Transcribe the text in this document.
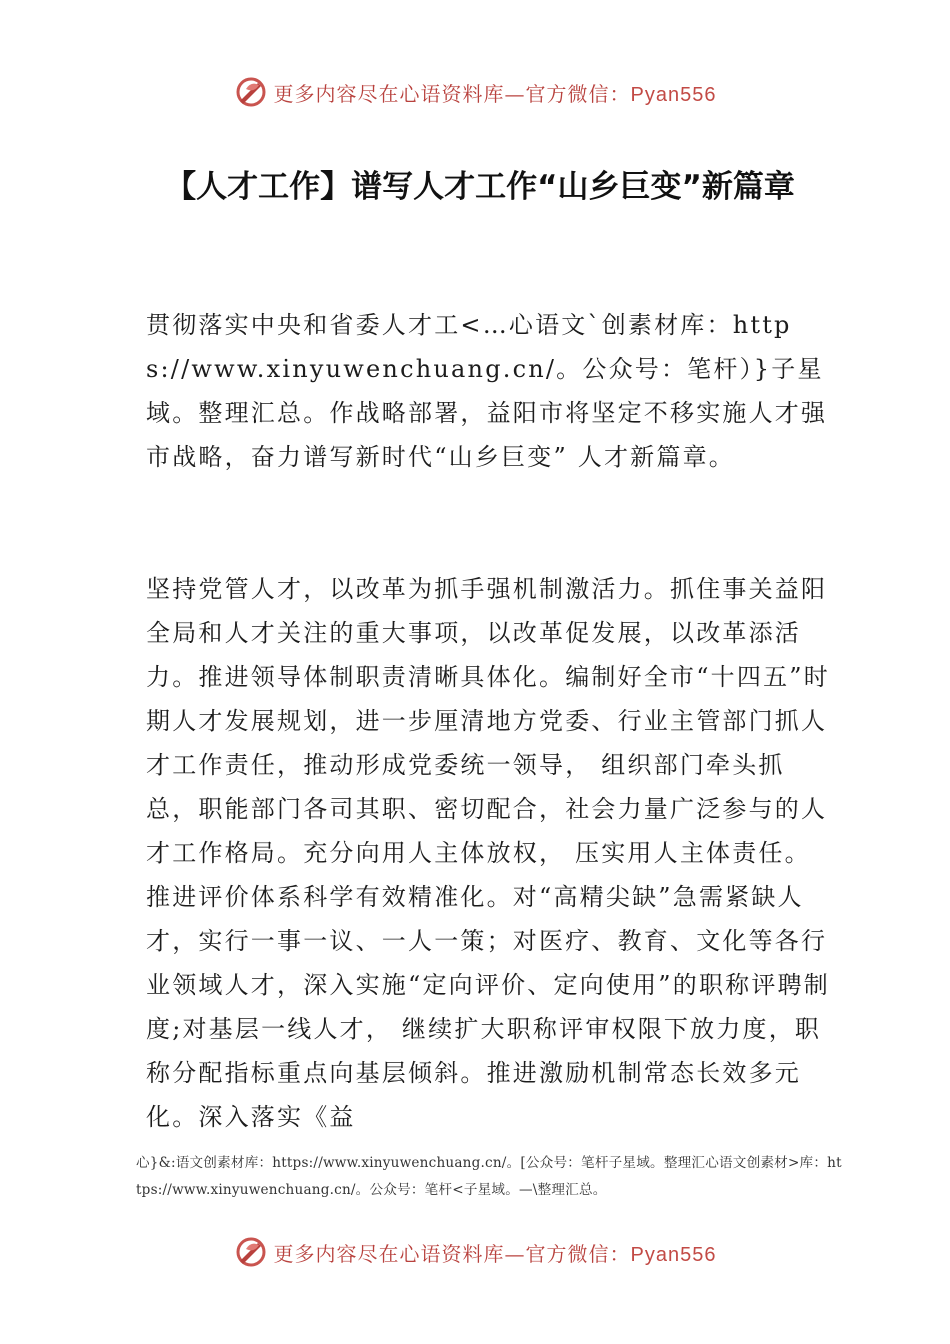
更多内容尽在心语资料库—官方微信：Pyan556
【人才工作】谱写人才工作“山乡巨变”新篇章

贯彻落实中央和省委人才工<…心语文`创素材库：https://www.xinyuwenchuang.cn/。公众号：笔杆）}子星域。整理汇总。作战略部署，益阳市将坚定不移实施人才强市战略，奋力谱写新时代“山乡巨变” 人才新篇章。

坚持党管人才，以改革为抓手强机制激活力。抓住事关益阳全局和人才关注的重大事项，以改革促发展，以改革添活力。推进领导体制职责清晰具体化。编制好全市“十四五”时期人才发展规划，进一步厘清地方党委、行业主管部门抓人才工作责任，推动形成党委统一领导， 组织部门牵头抓总，职能部门各司其职、密切配合，社会力量广泛参与的人才工作格局。充分向用人主体放权， 压实用人主体责任。推进评价体系科学有效精准化。对“高精尖缺”急需紧缺人才，实行一事一议、一人一策；对医疗、教育、文化等各行业领域人才，深入实施“定向评价、定向使用”的职称评聘制度;对基层一线人才， 继续扩大职称评审权限下放力度，职称分配指标重点向基层倾斜。推进激励机制常态长效多元化。深入落实《益

心}&:语文创素材库：https://www.xinyuwenchuang.cn/。[公众号：笔杆子星域。整理汇心语文创素材>库：https://www.xinyuwenchuang.cn/。公众号：笔杆<子星域。—\整理汇总。

更多内容尽在心语资料库—官方微信：Pyan556
